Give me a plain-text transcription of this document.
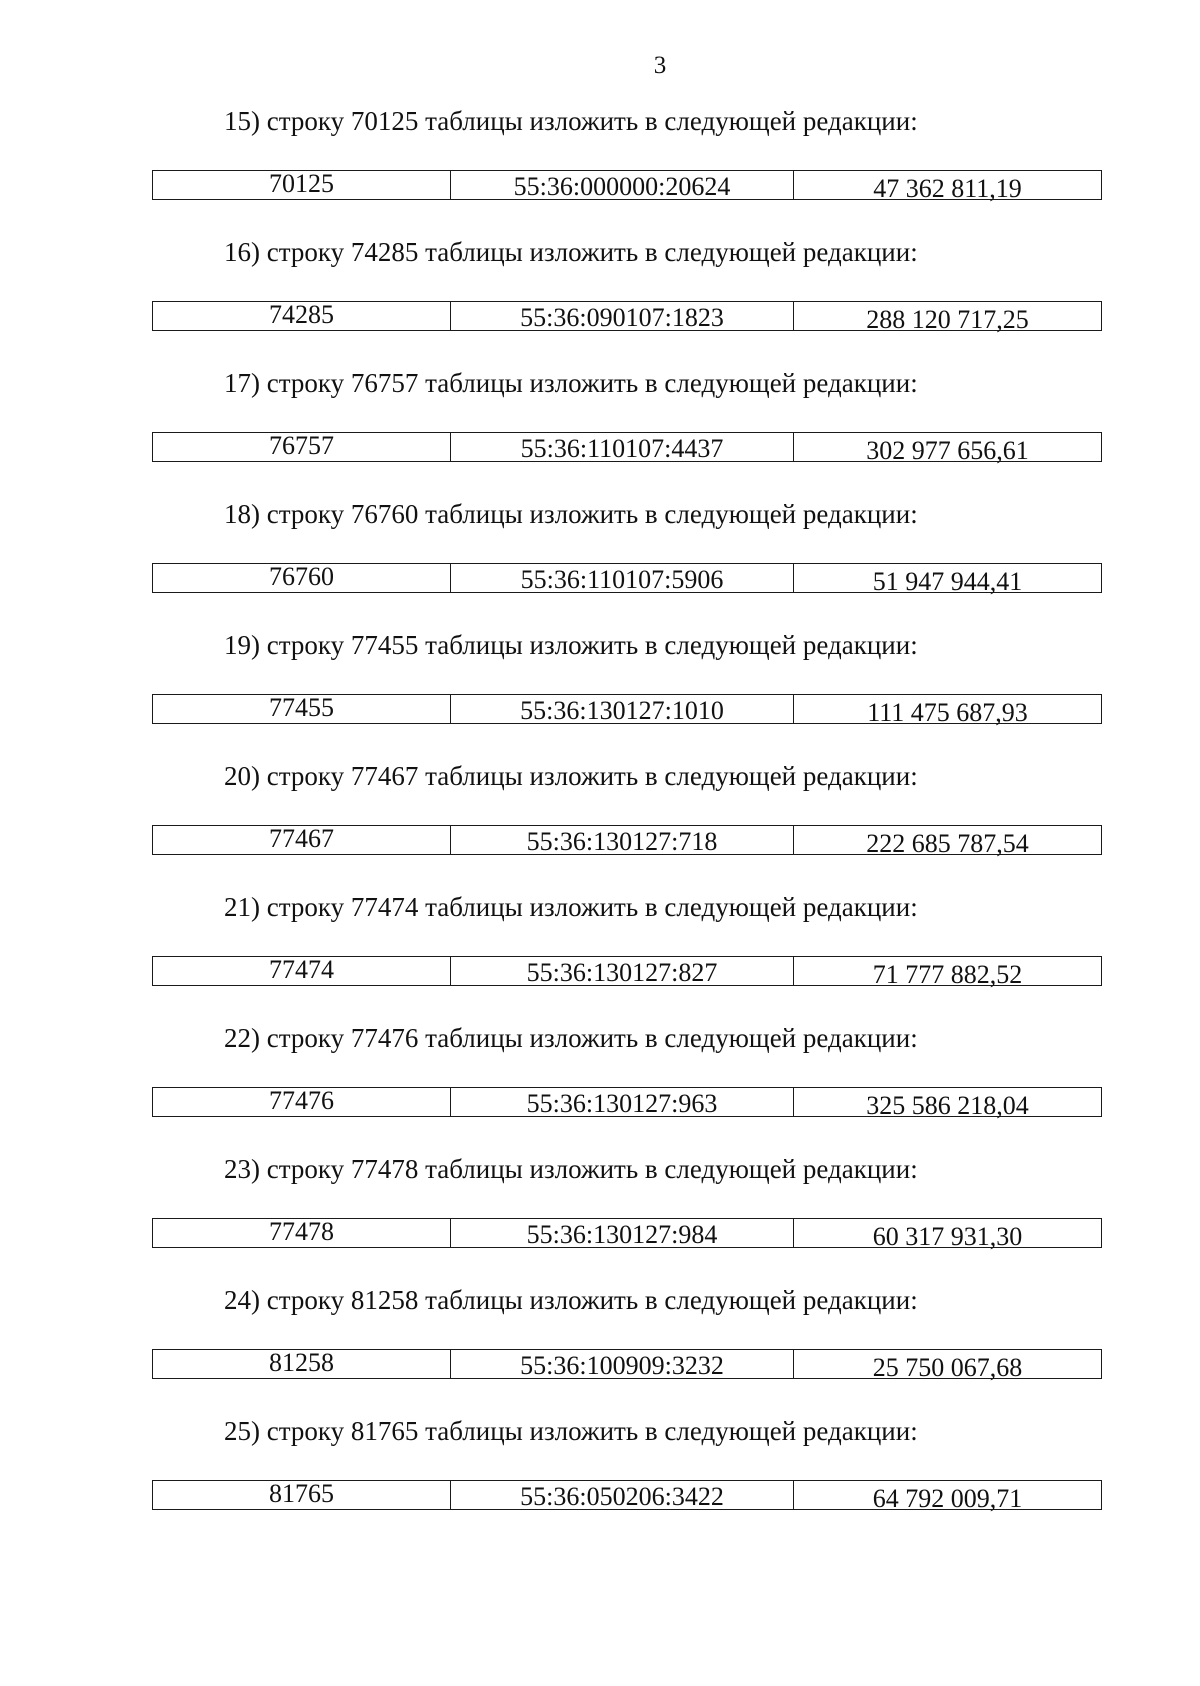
3
15) строку 70125 таблицы изложить в следующей редакции:
70125	55:36:000000:20624	47 362 811,19
16) строку 74285 таблицы изложить в следующей редакции:
74285	55:36:090107:1823	288 120 717,25
17) строку 76757 таблицы изложить в следующей редакции:
76757	55:36:110107:4437	302 977 656,61
18) строку 76760 таблицы изложить в следующей редакции:
76760	55:36:110107:5906	51 947 944,41
19) строку 77455 таблицы изложить в следующей редакции:
77455	55:36:130127:1010	111 475 687,93
20) строку 77467 таблицы изложить в следующей редакции:
77467	55:36:130127:718	222 685 787,54
21) строку 77474 таблицы изложить в следующей редакции:
77474	55:36:130127:827	71 777 882,52
22) строку 77476 таблицы изложить в следующей редакции:
77476	55:36:130127:963	325 586 218,04
23) строку 77478 таблицы изложить в следующей редакции:
77478	55:36:130127:984	60 317 931,30
24) строку 81258 таблицы изложить в следующей редакции:
81258	55:36:100909:3232	25 750 067,68
25) строку 81765 таблицы изложить в следующей редакции:
81765	55:36:050206:3422	64 792 009,71
